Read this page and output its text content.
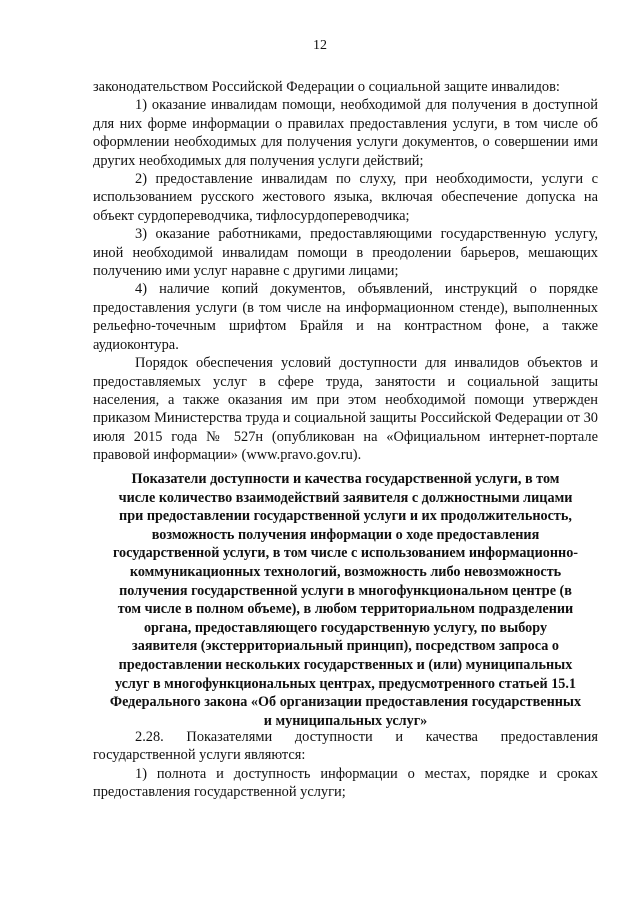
12

законодательством Российской Федерации о социальной защите инвалидов:

1) оказание инвалидам помощи, необходимой для получения в доступной для них форме информации о правилах предоставления услуги, в том числе об оформлении необходимых для получения услуги документов, о совершении ими других необходимых для получения услуги действий;

2) предоставление инвалидам по слуху, при необходимости, услуги с использованием русского жестового языка, включая обеспечение допуска на объект сурдопереводчика, тифлосурдопереводчика;

3) оказание работниками, предоставляющими государственную услугу, иной необходимой инвалидам помощи в преодолении барьеров, мешающих получению ими услуг наравне с другими лицами;

4) наличие копий документов, объявлений, инструкций о порядке предоставления услуги (в том числе на информационном стенде), выполненных рельефно-точечным шрифтом Брайля и на контрастном фоне, а также аудиоконтура.

Порядок обеспечения условий доступности для инвалидов объектов и предоставляемых услуг в сфере труда, занятости и социальной защиты населения, а также оказания им при этом необходимой помощи утвержден приказом Министерства труда и социальной защиты Российской Федерации от 30 июля 2015 года № 527н (опубликован на «Официальном интернет-портале правовой информации» (www.pravo.gov.ru).

Показатели доступности и качества государственной услуги, в том
числе количество взаимодействий заявителя с должностными лицами
при предоставлении государственной услуги и их продолжительность,
возможность получения информации о ходе предоставления
государственной услуги, в том числе с использованием информационно-
коммуникационных технологий, возможность либо невозможность
получения государственной услуги в многофункциональном центре (в
том числе в полном объеме), в любом территориальном подразделении
органа, предоставляющего государственную услугу, по выбору
заявителя (экстерриториальный принцип), посредством запроса о
предоставлении нескольких государственных и (или) муниципальных
услуг в многофункциональных центрах, предусмотренного статьей 15.1
Федерального закона «Об организации предоставления государственных
и муниципальных услуг»

2.28. Показателями доступности и качества предоставления государственной услуги являются:

1) полнота и доступность информации о местах, порядке и сроках предоставления государственной услуги;
